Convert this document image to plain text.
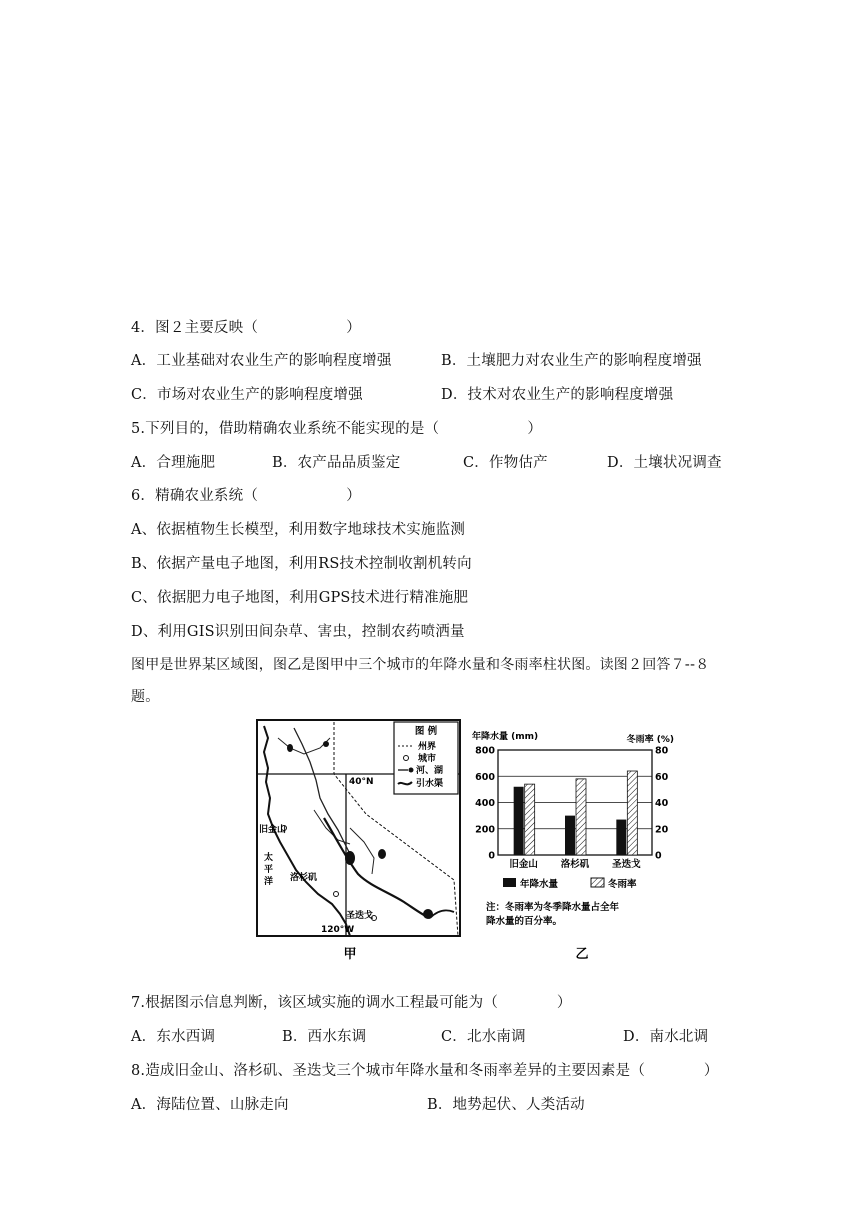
4．图２主要反映（　　　　　　）
A．工业基础对农业生产的影响程度增强	B．土壤肥力对农业生产的影响程度增强
C．市场对农业生产的影响程度增强	D．技术对农业生产的影响程度增强
5.下列目的，借助精确农业系统不能实现的是（　　　　　　）
A．合理施肥	B．农产品品质鉴定	C．作物估产	D．土壤状况调查
6．精确农业系统（　　　　　　）
A、依据植物生长模型，利用数字地球技术实施监测
B、依据产量电子地图，利用RS技术控制收割机转向
C、依据肥力电子地图，利用GPS技术进行精准施肥
D、利用GIS识别田间杂草、害虫，控制农药喷洒量
图甲是世界某区域图，图乙是图甲中三个城市的年降水量和冬雨率柱状图。读图２回答７--８
题。
图 例
州界
城市
河、湖
引水渠
40°N
120°W
旧金山
洛杉矶
圣迭戈
太
平
洋
甲
年降水量 (mm)	冬雨率 (%)
0
200
400
600
800
0
20
40
60
80
旧金山 洛杉矶 圣迭戈
年降水量	冬雨率
注：冬雨率为冬季降水量占全年
降水量的百分率。
乙
7.根据图示信息判断，该区域实施的调水工程最可能为（　　　　）
A．东水西调	B．西水东调	C．北水南调	D．南水北调
8.造成旧金山、洛杉矶、圣迭戈三个城市年降水量和冬雨率差异的主要因素是（　　　　）
A．海陆位置、山脉走向	B．地势起伏、人类活动
